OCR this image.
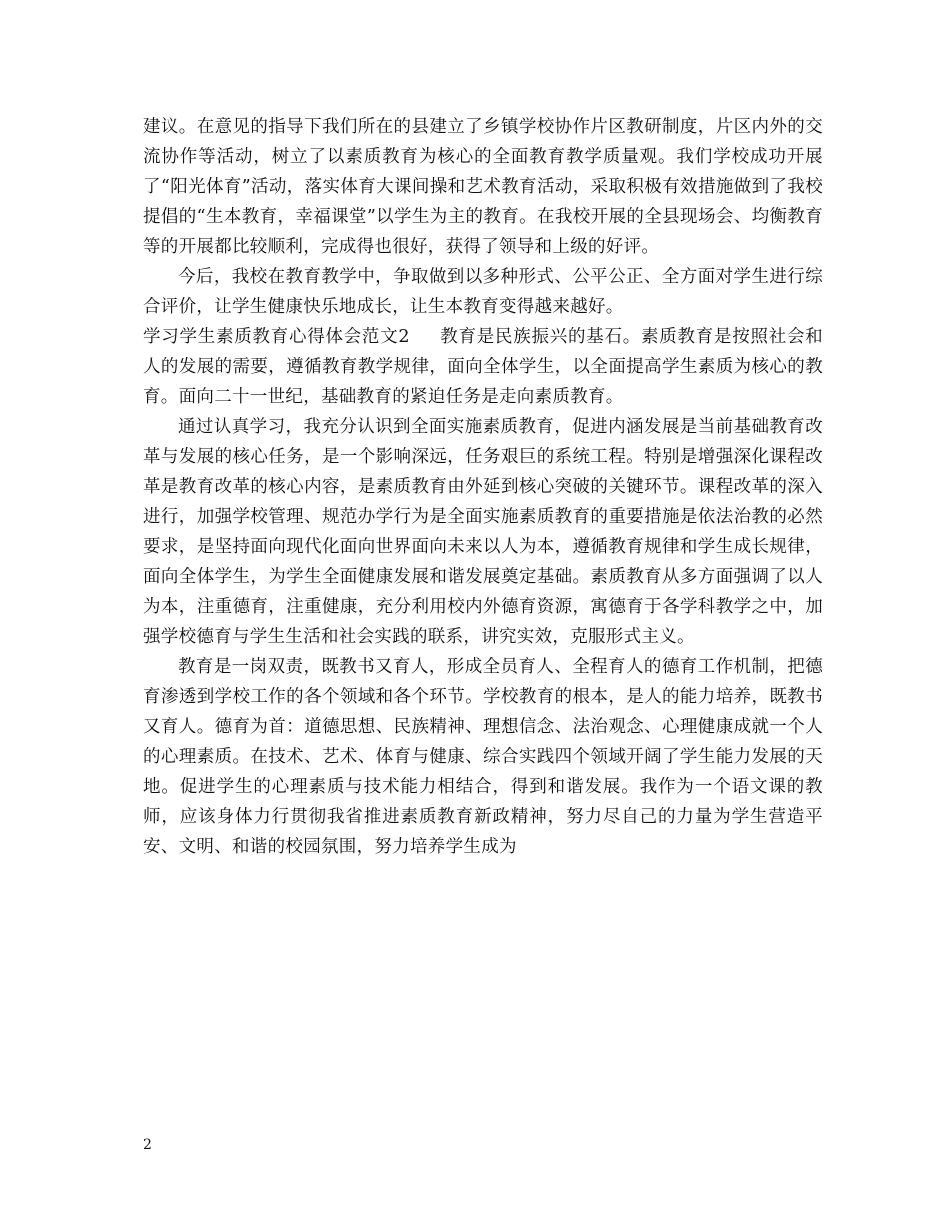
建议。在意见的指导下我们所在的县建立了乡镇学校协作片区教研制度，片区内外的交流协作等活动，树立了以素质教育为核心的全面教育教学质量观。我们学校成功开展了“阳光体育”活动，落实体育大课间操和艺术教育活动，采取积极有效措施做到了我校提倡的“生本教育，幸福课堂”以学生为主的教育。在我校开展的全县现场会、均衡教育等的开展都比较顺利，完成得也很好，获得了领导和上级的好评。

今后，我校在教育教学中，争取做到以多种形式、公平公正、全方面对学生进行综合评价，让学生健康快乐地成长，让生本教育变得越来越好。

学习学生素质教育心得体会范文2 教育是民族振兴的基石。素质教育是按照社会和人的发展的需要，遵循教育教学规律，面向全体学生，以全面提高学生素质为核心的教育。面向二十一世纪，基础教育的紧迫任务是走向素质教育。

通过认真学习，我充分认识到全面实施素质教育，促进内涵发展是当前基础教育改革与发展的核心任务，是一个影响深远，任务艰巨的系统工程。特别是增强深化课程改革是教育改革的核心内容，是素质教育由外延到核心突破的关键环节。课程改革的深入进行，加强学校管理、规范办学行为是全面实施素质教育的重要措施是依法治教的必然要求，是坚持面向现代化面向世界面向未来以人为本，遵循教育规律和学生成长规律，面向全体学生，为学生全面健康发展和谐发展奠定基础。素质教育从多方面强调了以人为本，注重德育，注重健康，充分利用校内外德育资源，寓德育于各学科教学之中，加强学校德育与学生生活和社会实践的联系，讲究实效，克服形式主义。

教育是一岗双责，既教书又育人，形成全员育人、全程育人的德育工作机制，把德育渗透到学校工作的各个领域和各个环节。学校教育的根本，是人的能力培养，既教书又育人。德育为首：道德思想、民族精神、理想信念、法治观念、心理健康成就一个人的心理素质。在技术、艺术、体育与健康、综合实践四个领域开阔了学生能力发展的天地。促进学生的心理素质与技术能力相结合，得到和谐发展。我作为一个语文课的教师，应该身体力行贯彻我省推进素质教育新政精神，努力尽自己的力量为学生营造平安、文明、和谐的校园氛围，努力培养学生成为

2
